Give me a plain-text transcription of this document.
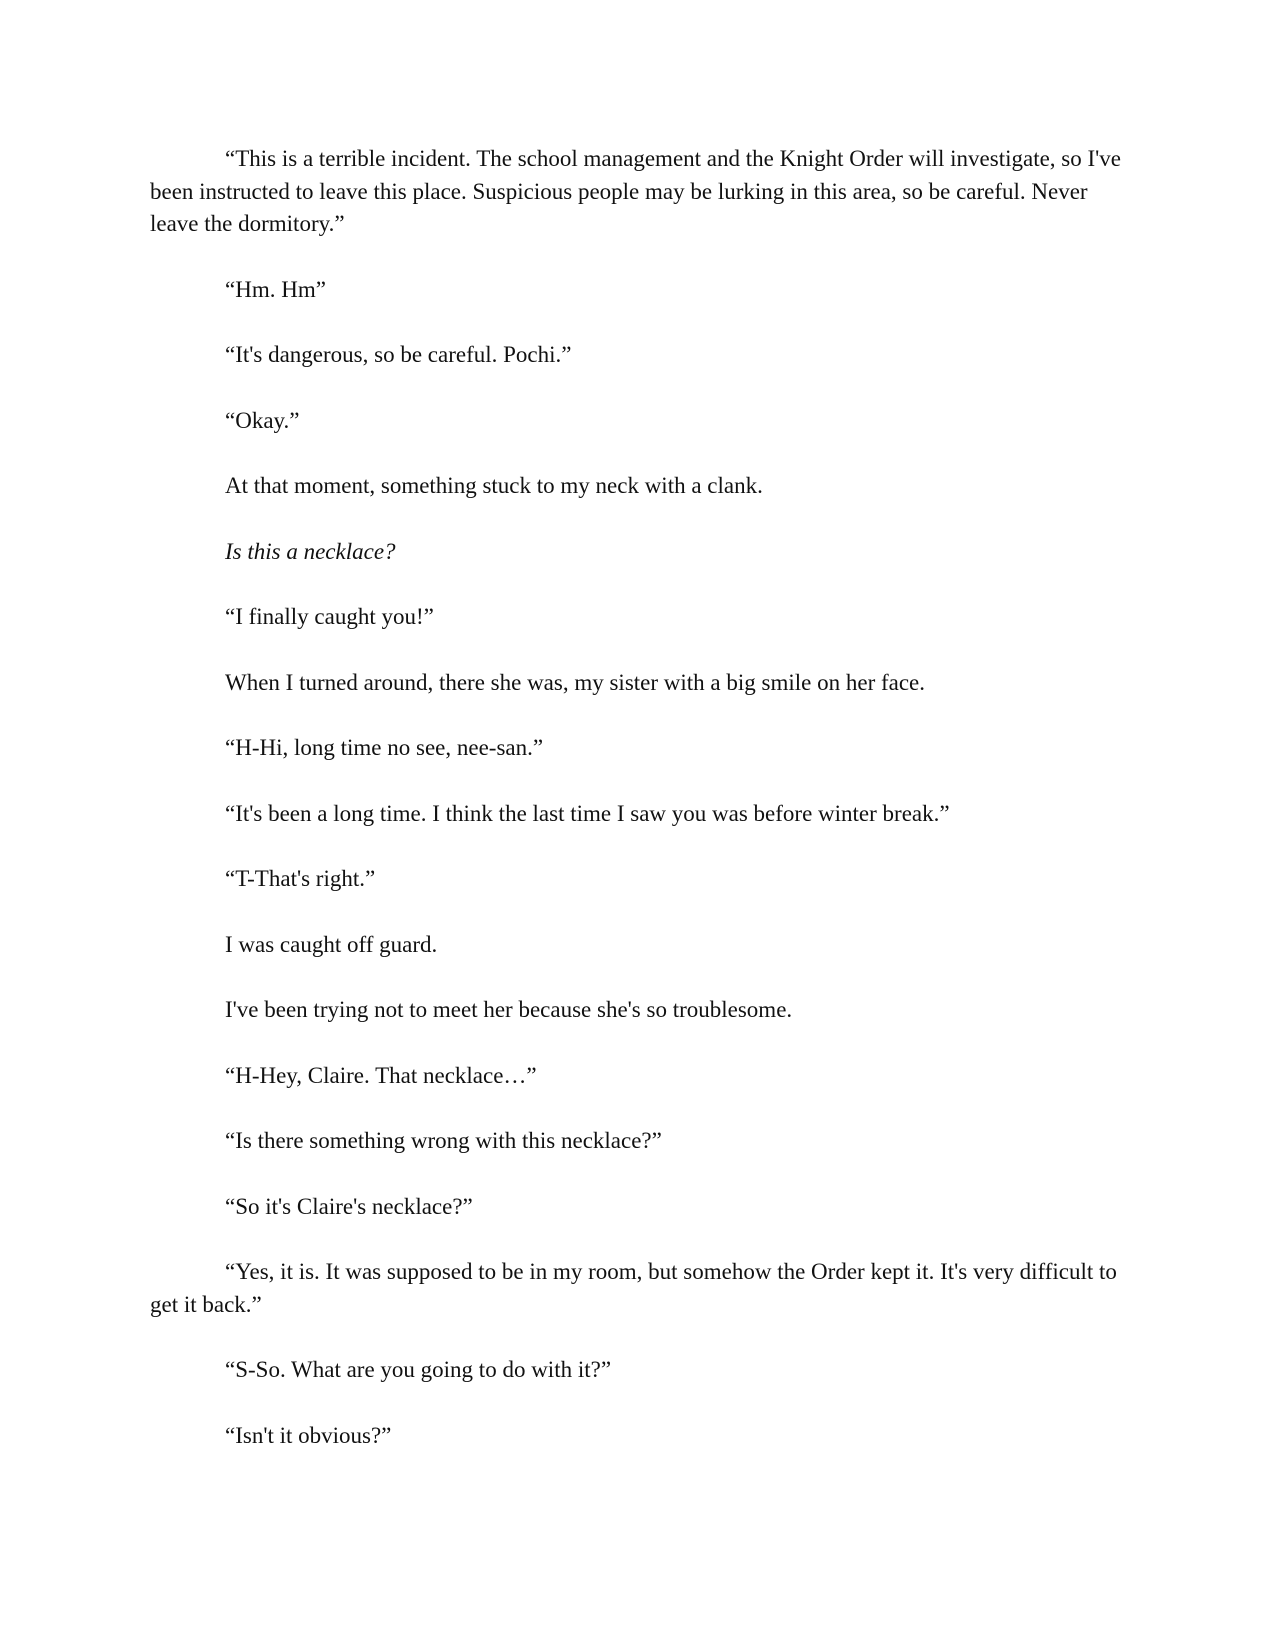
“This is a terrible incident. The school management and the Knight Order will investigate, so I've been instructed to leave this place. Suspicious people may be lurking in this area, so be careful. Never leave the dormitory.”

“Hm. Hm”

“It's dangerous, so be careful. Pochi.”

“Okay.”

At that moment, something stuck to my neck with a clank.

Is this a necklace?

“I finally caught you!”

When I turned around, there she was, my sister with a big smile on her face.

“H-Hi, long time no see, nee-san.”

“It's been a long time. I think the last time I saw you was before winter break.”

“T-That's right.”

I was caught off guard.

I've been trying not to meet her because she's so troublesome.

“H-Hey, Claire. That necklace…”

“Is there something wrong with this necklace?”

“So it's Claire's necklace?”

“Yes, it is. It was supposed to be in my room, but somehow the Order kept it. It's very difficult to get it back.”

“S-So. What are you going to do with it?”

“Isn't it obvious?”
